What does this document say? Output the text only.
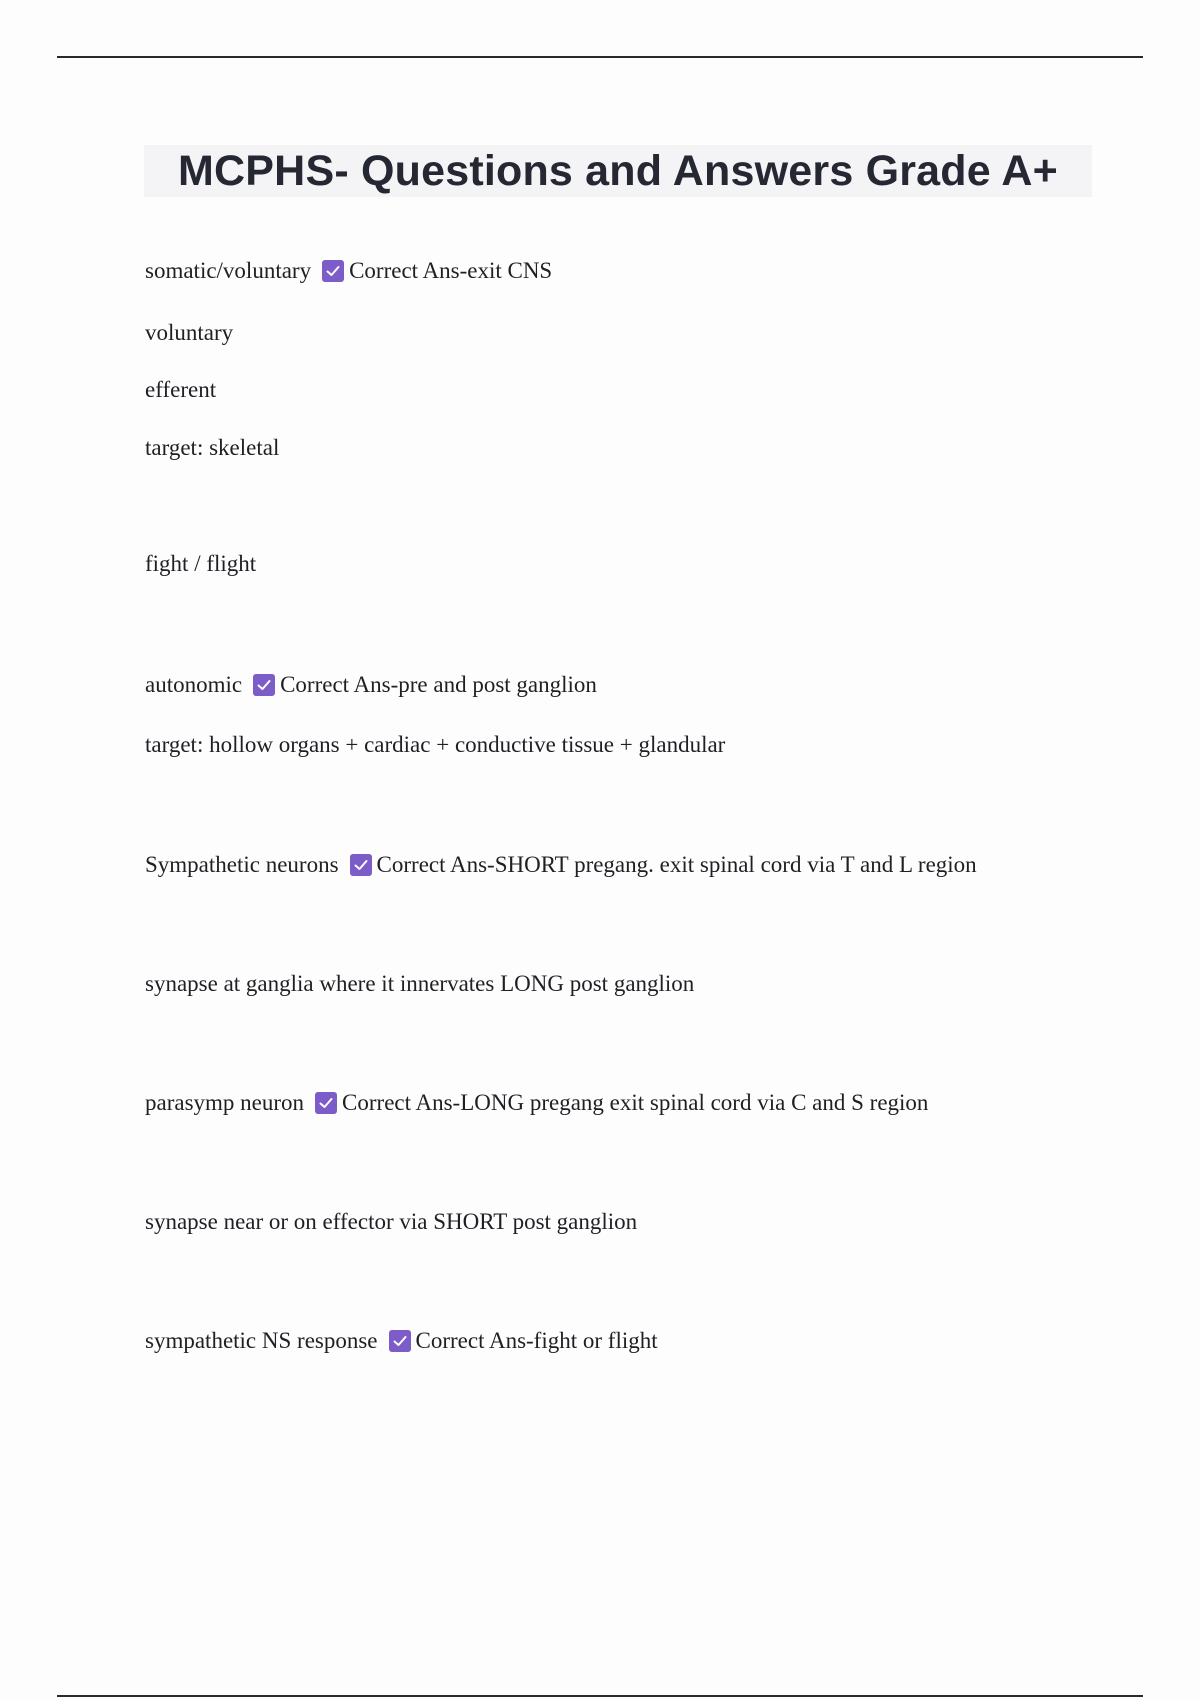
MCPHS- Questions and Answers Grade A+
somatic/voluntary Correct Ans-exit CNS
voluntary
efferent
target: skeletal
fight / flight
autonomic Correct Ans-pre and post ganglion
target: hollow organs + cardiac + conductive tissue + glandular
Sympathetic neurons Correct Ans-SHORT pregang. exit spinal cord via T and L region
synapse at ganglia where it innervates LONG post ganglion
parasymp neuron Correct Ans-LONG pregang exit spinal cord via C and S region
synapse near or on effector via SHORT post ganglion
sympathetic NS response Correct Ans-fight or flight
